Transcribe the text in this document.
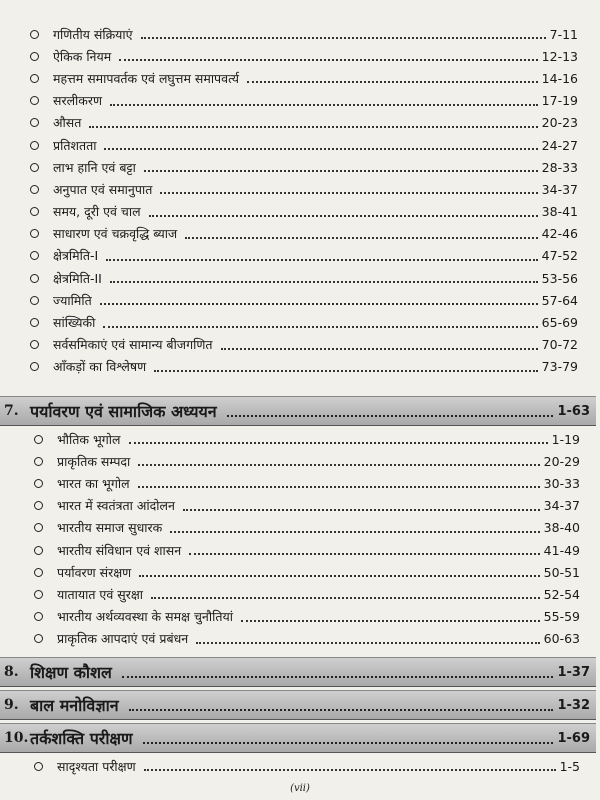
गणितीय संक्रियाएं	7-11
ऐकिक नियम	12-13
महत्तम समापवर्तक एवं लघुत्तम समापवर्त्य	14-16
सरलीकरण	17-19
औसत	20-23
प्रतिशतता	24-27
लाभ हानि एवं बट्टा	28-33
अनुपात एवं समानुपात	34-37
समय, दूरी एवं चाल	38-41
साधारण एवं चक्रवृद्धि ब्याज	42-46
क्षेत्रमिति-I	47-52
क्षेत्रमिति-II	53-56
ज्यामिति	57-64
सांख्यिकी	65-69
सर्वसमिकाएं एवं सामान्य बीजगणित	70-72
आँकड़ों का विश्लेषण	73-79
7. पर्यावरण एवं सामाजिक अध्ययन	1-63
भौतिक भूगोल	1-19
प्राकृतिक सम्पदा	20-29
भारत का भूगोल	30-33
भारत में स्वतंत्रता आंदोलन	34-37
भारतीय समाज सुधारक	38-40
भारतीय संविधान एवं शासन	41-49
पर्यावरण संरक्षण	50-51
यातायात एवं सुरक्षा	52-54
भारतीय अर्थव्यवस्था के समक्ष चुनौतियां	55-59
प्राकृतिक आपदाएं एवं प्रबंधन	60-63
8. शिक्षण कौशल	1-37
9. बाल मनोविज्ञान	1-32
10. तर्कशक्ति परीक्षण	1-69
सादृश्यता परीक्षण	1-5
(vii)
